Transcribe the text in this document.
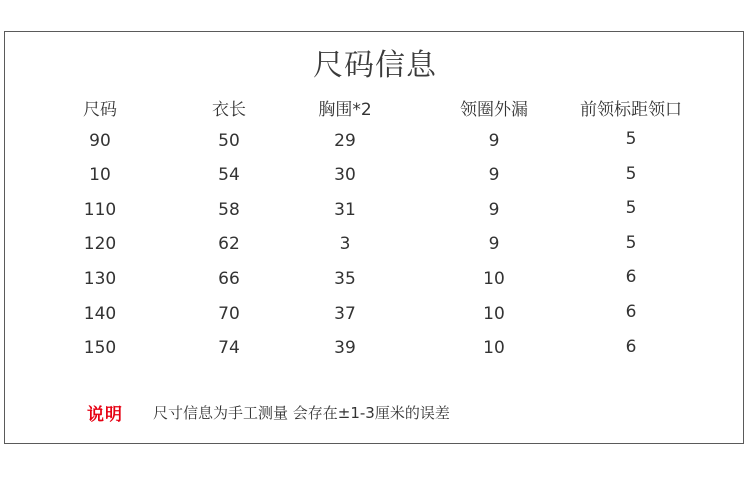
尺码信息
尺码	衣长	胸围*2	领圈外漏	前领标距领口
90	50	29	9	5
10	54	30	9	5
110	58	31	9	5
120	62	3	9	5
130	66	35	10	6
140	70	37	10	6
150	74	39	10	6
说明 尺寸信息为手工测量 会存在±1-3厘米的误差
